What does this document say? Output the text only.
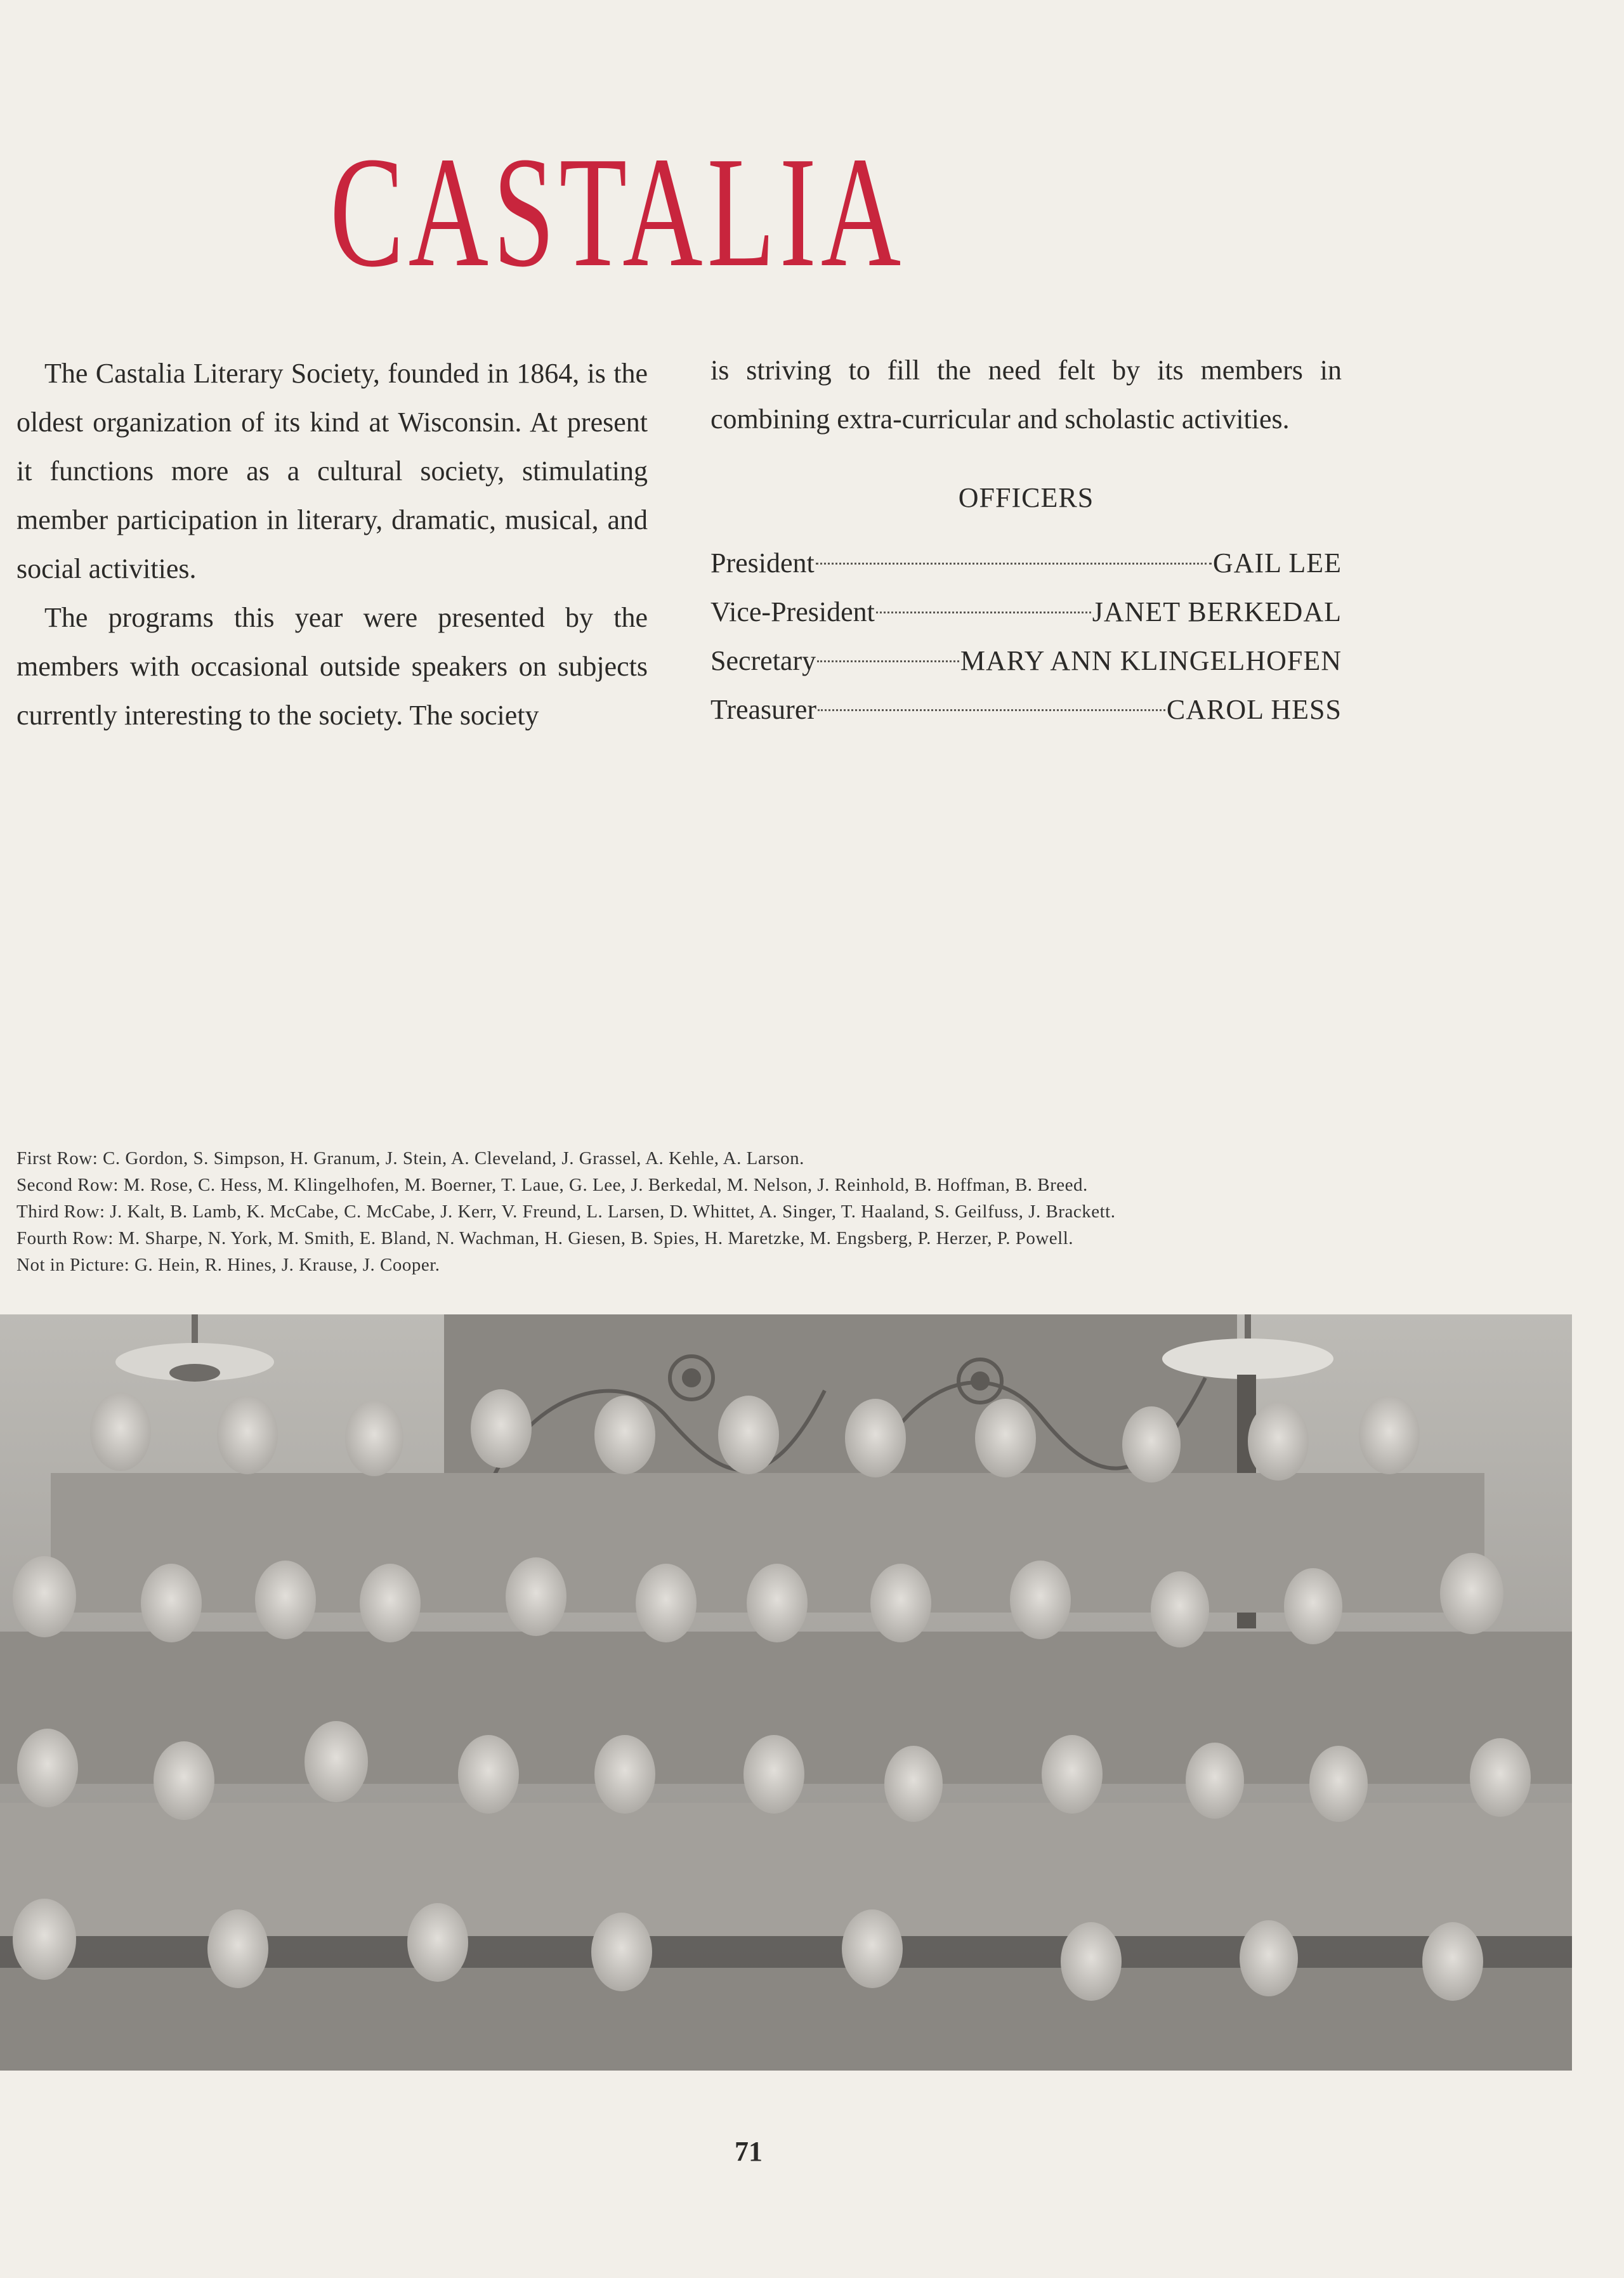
CASTALIA

The Castalia Literary Society, founded in 1864, is the oldest organization of its kind at Wisconsin. At present it functions more as a cultural society, stimulating member participation in literary, dramatic, musical, and social activities.

The programs this year were presented by the members with occasional outside speakers on subjects currently interesting to the society. The society

is striving to fill the need felt by its members in combining extra-curricular and scholastic activities.

OFFICERS
President	GAIL LEE
Vice-President	JANET BERKEDAL
Secretary	MARY ANN KLINGELHOFEN
Treasurer	CAROL HESS
First Row: C. Gordon, S. Simpson, H. Granum, J. Stein, A. Cleveland, J. Grassel, A. Kehle, A. Larson.
Second Row: M. Rose, C. Hess, M. Klingelhofen, M. Boerner, T. Laue, G. Lee, J. Berkedal, M. Nelson, J. Reinhold, B. Hoffman, B. Breed.
Third Row: J. Kalt, B. Lamb, K. McCabe, C. McCabe, J. Kerr, V. Freund, L. Larsen, D. Whittet, A. Singer, T. Haaland, S. Geilfuss, J. Brackett.
Fourth Row: M. Sharpe, N. York, M. Smith, E. Bland, N. Wachman, H. Giesen, B. Spies, H. Maretzke, M. Engsberg, P. Herzer, P. Powell.
Not in Picture: G. Hein, R. Hines, J. Krause, J. Cooper.
71
